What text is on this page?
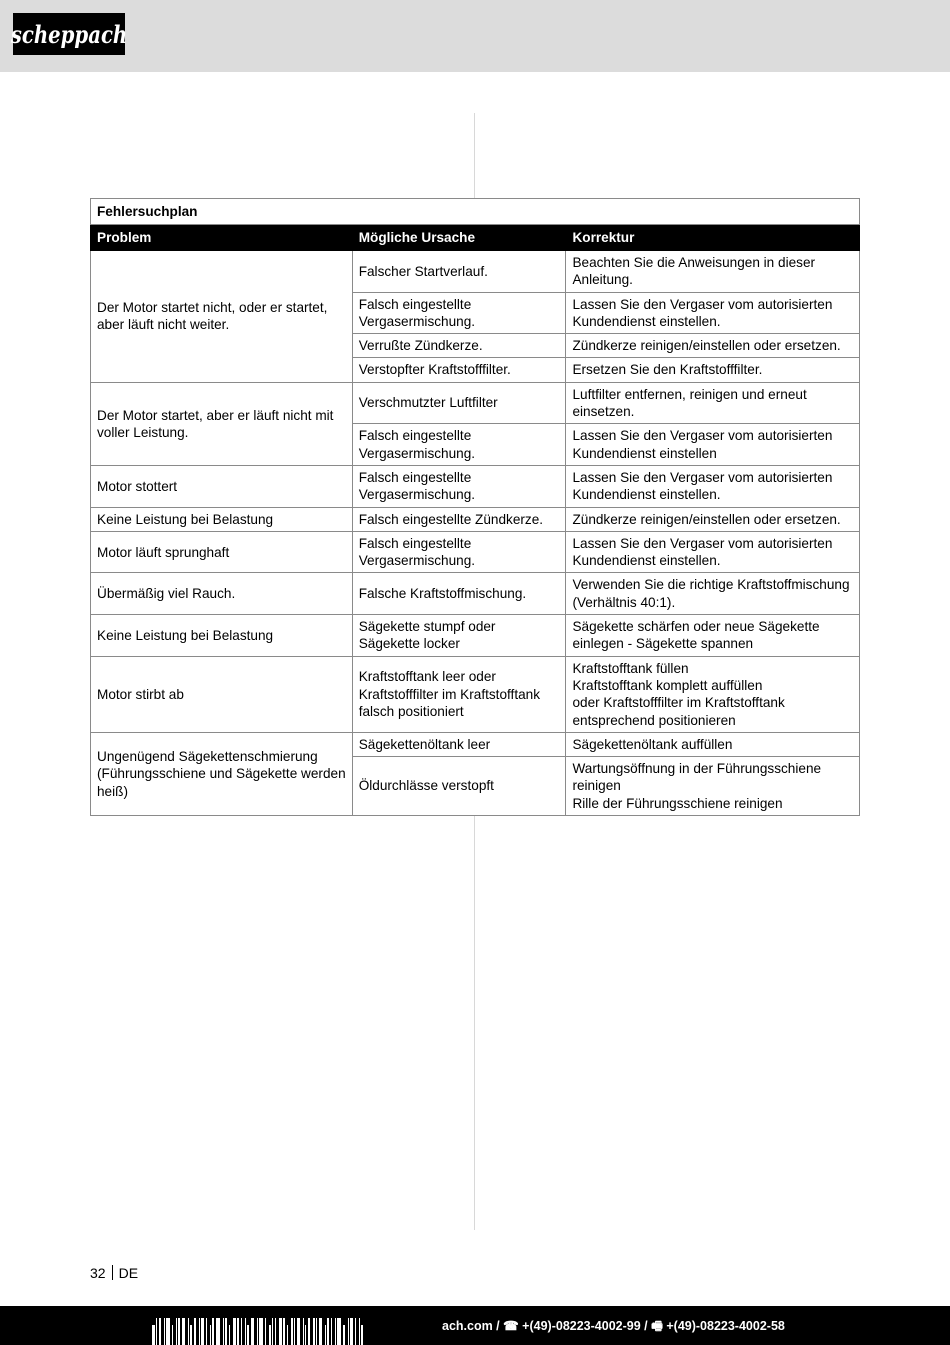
scheppach
Fehlersuchplan		
Problem	Mögliche Ursache	Korrektur
Der Motor startet nicht, oder er startet, aber läuft nicht weiter.	Falscher Startverlauf.	Beachten Sie die Anweisungen in dieser Anleitung.
	Falsch eingestellte Vergasermischung.	Lassen Sie den Vergaser vom autorisierten Kundendienst einstellen.
	Verrußte Zündkerze.	Zündkerze reinigen/einstellen oder ersetzen.
	Verstopfter Kraftstofffilter.	Ersetzen Sie den Kraftstofffilter.
Der Motor startet, aber er läuft nicht mit voller Leistung.	Verschmutzter Luftfilter	Luftfilter entfernen, reinigen und erneut einsetzen.
	Falsch eingestellte Vergasermischung.	Lassen Sie den Vergaser vom autorisierten Kundendienst einstellen
Motor stottert	Falsch eingestellte Vergasermischung.	Lassen Sie den Vergaser vom autorisierten Kundendienst einstellen.
Keine Leistung bei Belastung	Falsch eingestellte Zündkerze.	Zündkerze reinigen/einstellen oder ersetzen.
Motor läuft sprunghaft	Falsch eingestellte Vergasermischung.	Lassen Sie den Vergaser vom autorisierten Kundendienst einstellen.
Übermäßig viel Rauch.	Falsche Kraftstoffmischung.	Verwenden Sie die richtige Kraftstoffmischung (Verhältnis 40:1).
Keine Leistung bei Belastung	Sägekette stumpf oder Sägekette locker	Sägekette schärfen oder neue Sägekette einlegen - Sägekette spannen
Motor stirbt ab	Kraftstofftank leer oder Kraftstofffilter im Kraftstofftank falsch positioniert	Kraftstofftank füllen
Kraftstofftank komplett auffüllen
oder Kraftstofffilter im Kraftstofftank entsprechend positionieren
Ungenügend Sägekettenschmierung (Führungsschiene und Sägekette werden heiß)	Sägekettenöltank leer	Sägekettenöltank auffüllen
	Öldurchlässe verstopft	Wartungsöffnung in der Führungsschiene reinigen
Rille der Führungsschiene reinigen
32 DE
ach.com / ☎ +(49)-08223-4002-99 / 🖷 +(49)-08223-4002-58
